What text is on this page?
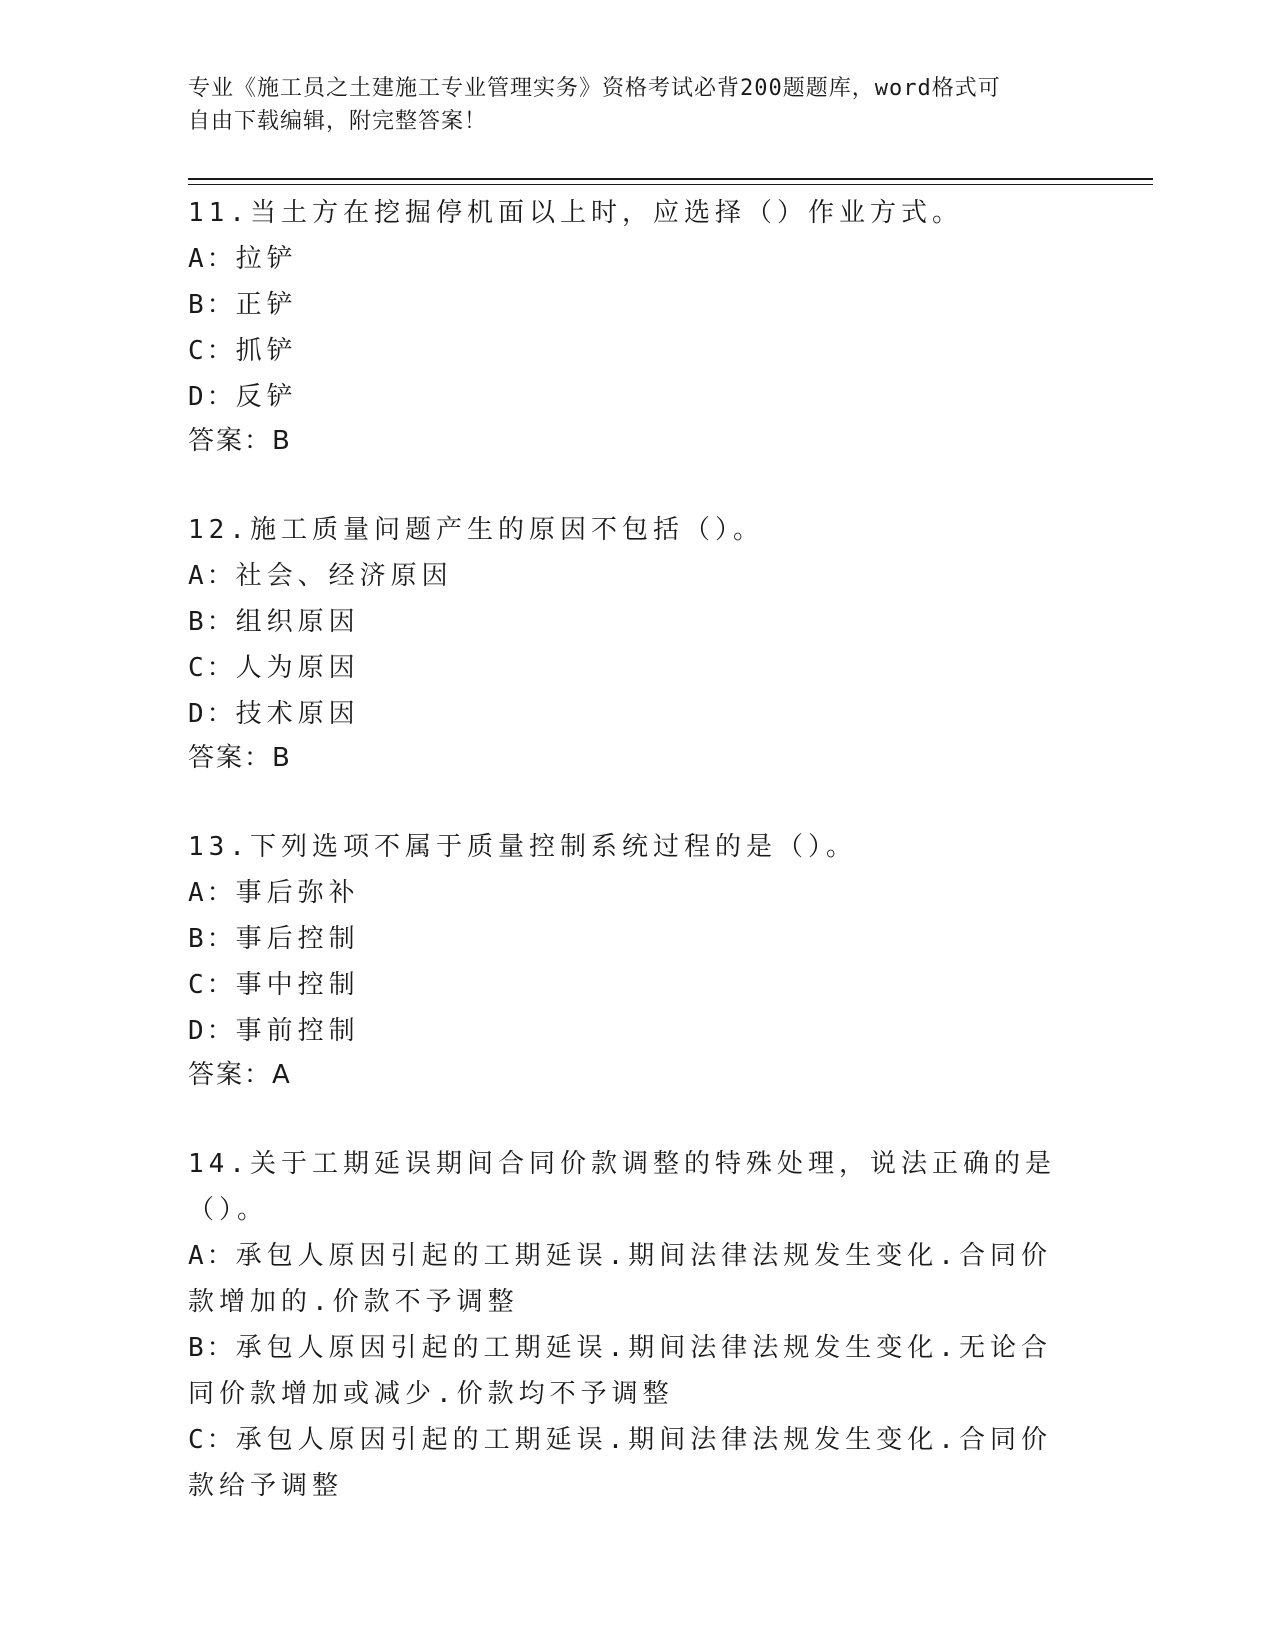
专业《施工员之土建施工专业管理实务》资格考试必背200题题库，word格式可
自由下载编辑，附完整答案！
11.当土方在挖掘停机面以上时，应选择（）作业方式。
A：拉铲
B：正铲
C：抓铲
D：反铲
答案：B
12.施工质量问题产生的原因不包括（）。
A：社会、经济原因
B：组织原因
C：人为原因
D：技术原因
答案：B
13.下列选项不属于质量控制系统过程的是（）。
A：事后弥补
B：事后控制
C：事中控制
D：事前控制
答案：A
14.关于工期延误期间合同价款调整的特殊处理，说法正确的是（）。
A：承包人原因引起的工期延误.期间法律法规发生变化.合同价款增加的.价款不予调整
B：承包人原因引起的工期延误.期间法律法规发生变化.无论合同价款增加或减少.价款均不予调整
C：承包人原因引起的工期延误.期间法律法规发生变化.合同价款给予调整
